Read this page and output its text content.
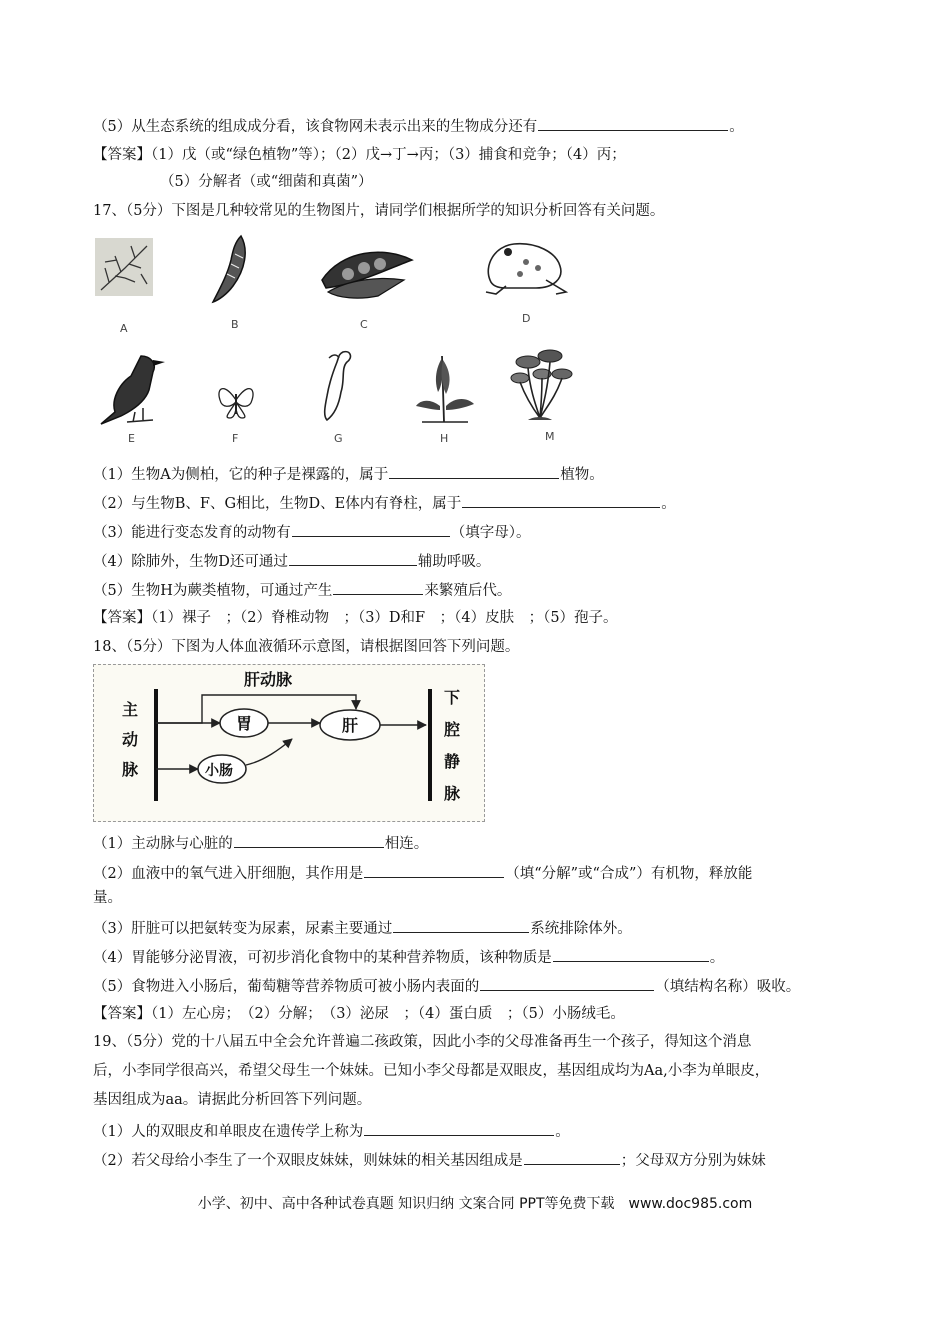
（5）从生态系统的组成成分看，该食物网未表示出来的生物成分还有	。
【答案】（1）戊（或“绿色植物”等）；（2）戊→丁→丙；（3）捕食和竞争；（4）丙；
（5）分解者（或“细菌和真菌”）
17、（5分）下图是几种较常见的生物图片，请同学们根据所学的知识分析回答有关问题。
A	B	C	D
E	F	G	H	M
（1）生物A为侧柏，它的种子是裸露的，属于	植物。
（2）与生物B、F、G相比，生物D、E体内有脊柱，属于	。
（3）能进行变态发育的动物有	（填字母）。
（4）除肺外，生物D还可通过	辅助呼吸。
（5）生物H为蕨类植物，可通过产生	来繁殖后代。
【答案】（1）裸子　；（2）脊椎动物　；（3）D和F　；（4）皮肤　；（5）孢子。
18、（5分）下图为人体血液循环示意图，请根据图回答下列问题。
主
动
脉
下
腔
静
脉
肝动脉
胃	肝
小肠
（1）主动脉与心脏的	相连。
（2）血液中的氧气进入肝细胞，其作用是	（填“分解”或“合成”）有机物，释放能
量。
（3）肝脏可以把氨转变为尿素，尿素主要通过	系统排除体外。
（4）胃能够分泌胃液，可初步消化食物中的某种营养物质，该种物质是	。
（5）食物进入小肠后，葡萄糖等营养物质可被小肠内表面的	（填结构名称）吸收。
【答案】（1）左心房；　（2）分解；　（3）泌尿　；（4）蛋白质　；（5）小肠绒毛。
19、（5分）党的十八届五中全会允许普遍二孩政策，因此小李的父母准备再生一个孩子，得知这个消息
后，小李同学很高兴，希望父母生一个妹妹。已知小李父母都是双眼皮，基因组成均为Aa,小李为单眼皮，
基因组成为aa。请据此分析回答下列问题。
（1）人的双眼皮和单眼皮在遗传学上称为	。
（2）若父母给小李生了一个双眼皮妹妹，则妹妹的相关基因组成是	；父母双方分别为妹妹
小学、初中、高中各种试卷真题 知识归纳 文案合同 PPT等免费下载　www.doc985.com
